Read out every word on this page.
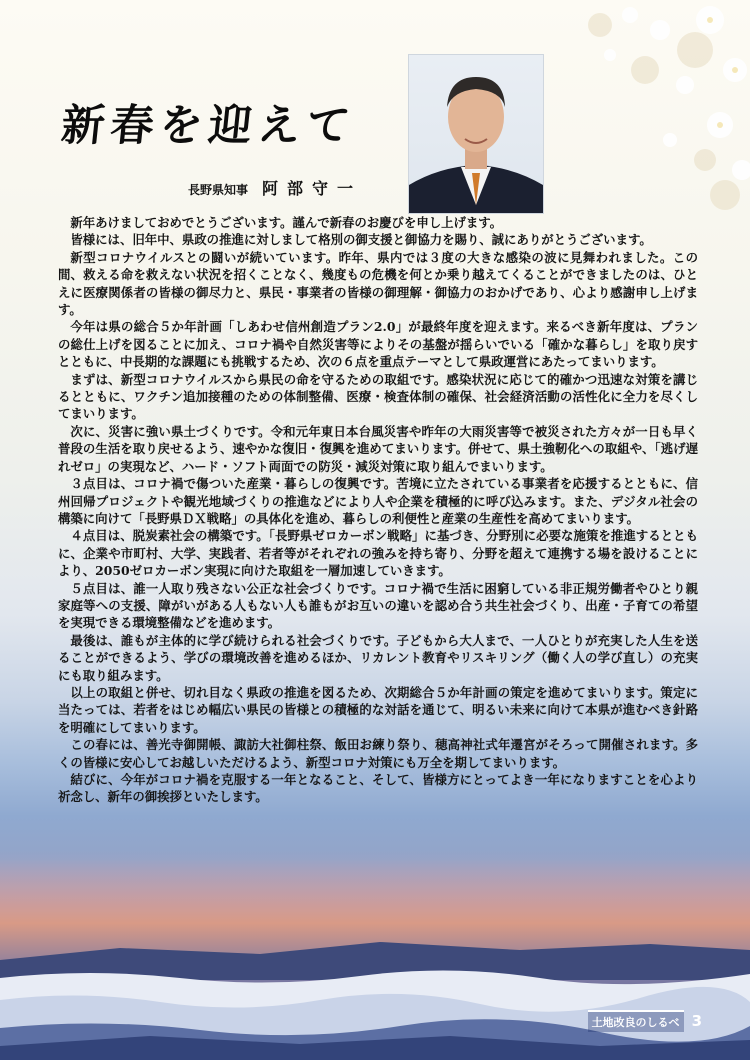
新春を迎えて
長野県知事 阿部守一

新年あけましておめでとうございます。謹んで新春のお慶びを申し上げます。

皆様には、旧年中、県政の推進に対しまして格別の御支援と御協力を賜り、誠にありがとうございます。

新型コロナウイルスとの闘いが続いています。昨年、県内では３度の大きな感染の波に見舞われました。この間、救える命を救えない状況を招くことなく、幾度もの危機を何とか乗り越えてくることができましたのは、ひとえに医療関係者の皆様の御尽力と、県民・事業者の皆様の御理解・御協力のおかげであり、心より感謝申し上げます。

今年は県の総合５か年計画「しあわせ信州創造プラン2.0」が最終年度を迎えます。来るべき新年度は、プランの総仕上げを図ることに加え、コロナ禍や自然災害等によりその基盤が揺らいでいる「確かな暮らし」を取り戻すとともに、中長期的な課題にも挑戦するため、次の６点を重点テーマとして県政運営にあたってまいります。

まずは、新型コロナウイルスから県民の命を守るための取組です。感染状況に応じて的確かつ迅速な対策を講じるとともに、ワクチン追加接種のための体制整備、医療・検査体制の確保、社会経済活動の活性化に全力を尽くしてまいります。

次に、災害に強い県土づくりです。令和元年東日本台風災害や昨年の大雨災害等で被災された方々が一日も早く普段の生活を取り戻せるよう、速やかな復旧・復興を進めてまいります。併せて、県土強靭化への取組や、「逃げ遅れゼロ」の実現など、ハード・ソフト両面での防災・減災対策に取り組んでまいります。

３点目は、コロナ禍で傷ついた産業・暮らしの復興です。苦境に立たされている事業者を応援するとともに、信州回帰プロジェクトや観光地域づくりの推進などにより人や企業を積極的に呼び込みます。また、デジタル社会の構築に向けて「長野県ＤＸ戦略」の具体化を進め、暮らしの利便性と産業の生産性を高めてまいります。

４点目は、脱炭素社会の構築です。「長野県ゼロカーボン戦略」に基づき、分野別に必要な施策を推進するとともに、企業や市町村、大学、実践者、若者等がそれぞれの強みを持ち寄り、分野を超えて連携する場を設けることにより、2050ゼロカーボン実現に向けた取組を一層加速していきます。

５点目は、誰一人取り残さない公正な社会づくりです。コロナ禍で生活に困窮している非正規労働者やひとり親家庭等への支援、障がいがある人もない人も誰もがお互いの違いを認め合う共生社会づくり、出産・子育ての希望を実現できる環境整備などを進めます。

最後は、誰もが主体的に学び続けられる社会づくりです。子どもから大人まで、一人ひとりが充実した人生を送ることができるよう、学びの環境改善を進めるほか、リカレント教育やリスキリング（働く人の学び直し）の充実にも取り組みます。

以上の取組と併せ、切れ目なく県政の推進を図るため、次期総合５か年計画の策定を進めてまいります。策定に当たっては、若者をはじめ幅広い県民の皆様との積極的な対話を通じて、明るい未来に向けて本県が進むべき針路を明確にしてまいります。

この春には、善光寺御開帳、諏訪大社御柱祭、飯田お練り祭り、穂高神社式年遷宮がそろって開催されます。多くの皆様に安心してお越しいただけるよう、新型コロナ対策にも万全を期してまいります。

結びに、今年がコロナ禍を克服する一年となること、そして、皆様方にとってよき一年になりますことを心より祈念し、新年の御挨拶といたします。

土地改良のしるべ 3
